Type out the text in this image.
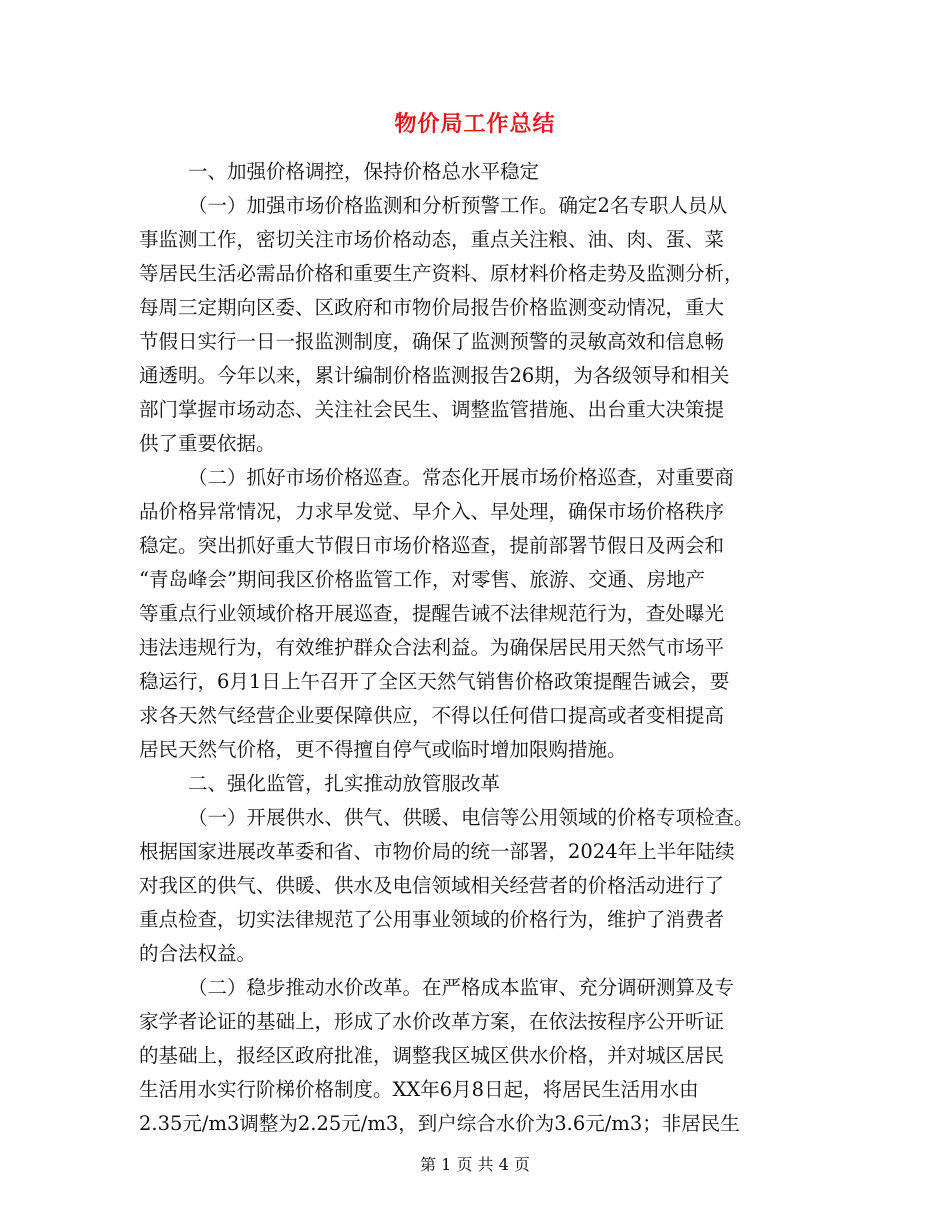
物价局工作总结
一、加强价格调控，保持价格总水平稳定
（一）加强市场价格监测和分析预警工作。确定2名专职人员从
事监测工作，密切关注市场价格动态，重点关注粮、油、肉、蛋、菜
等居民生活必需品价格和重要生产资料、原材料价格走势及监测分析，
每周三定期向区委、区政府和市物价局报告价格监测变动情况，重大
节假日实行一日一报监测制度，确保了监测预警的灵敏高效和信息畅
通透明。今年以来，累计编制价格监测报告26期，为各级领导和相关
部门掌握市场动态、关注社会民生、调整监管措施、出台重大决策提
供了重要依据。
（二）抓好市场价格巡查。常态化开展市场价格巡查，对重要商
品价格异常情况，力求早发觉、早介入、早处理，确保市场价格秩序
稳定。突出抓好重大节假日市场价格巡查，提前部署节假日及两会和
“青岛峰会”期间我区价格监管工作，对零售、旅游、交通、房地产
等重点行业领域价格开展巡查，提醒告诫不法律规范行为，查处曝光
违法违规行为，有效维护群众合法利益。为确保居民用天然气市场平
稳运行，6月1日上午召开了全区天然气销售价格政策提醒告诫会，要
求各天然气经营企业要保障供应，不得以任何借口提高或者变相提高
居民天然气价格，更不得擅自停气或临时增加限购措施。
二、强化监管，扎实推动放管服改革
（一）开展供水、供气、供暖、电信等公用领域的价格专项检查。
根据国家进展改革委和省、市物价局的统一部署，2024年上半年陆续
对我区的供气、供暖、供水及电信领域相关经营者的价格活动进行了
重点检查，切实法律规范了公用事业领域的价格行为，维护了消费者
的合法权益。
（二）稳步推动水价改革。在严格成本监审、充分调研测算及专
家学者论证的基础上，形成了水价改革方案，在依法按程序公开听证
的基础上，报经区政府批准，调整我区城区供水价格，并对城区居民
生活用水实行阶梯价格制度。XX年6月8日起，将居民生活用水由
2.35元/m3调整为2.25元/m3，到户综合水价为3.6元/m3；非居民生
第 1 页 共 4 页
